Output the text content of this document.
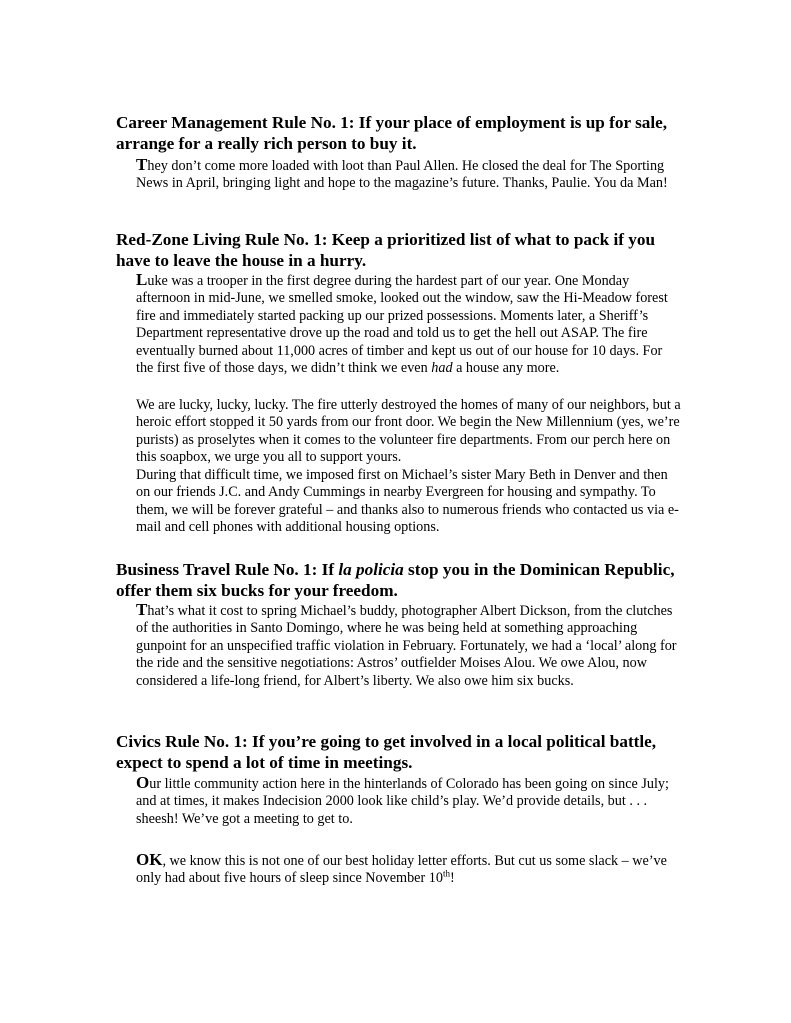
Career Management Rule No. 1: If your place of employment is up for sale, arrange for a really rich person to buy it.

They don’t come more loaded with loot than Paul Allen. He closed the deal for The Sporting News in April, bringing light and hope to the magazine’s future. Thanks, Paulie. You da Man!

Red-Zone Living Rule No. 1: Keep a prioritized list of what to pack if you have to leave the house in a hurry.

Luke was a trooper in the first degree during the hardest part of our year. One Monday afternoon in mid-June, we smelled smoke, looked out the window, saw the Hi-Meadow forest fire and immediately started packing up our prized possessions. Moments later, a Sheriff’s Department representative drove up the road and told us to get the hell out ASAP. The fire eventually burned about 11,000 acres of timber and kept us out of our house for 10 days. For the first five of those days, we didn’t think we even had a house any more.

We are lucky, lucky, lucky. The fire utterly destroyed the homes of many of our neighbors, but a heroic effort stopped it 50 yards from our front door. We begin the New Millennium (yes, we’re purists) as proselytes when it comes to the volunteer fire departments. From our perch here on this soapbox, we urge you all to support yours.

During that difficult time, we imposed first on Michael’s sister Mary Beth in Denver and then on our friends J.C. and Andy Cummings in nearby Evergreen for housing and sympathy. To them, we will be forever grateful – and thanks also to numerous friends who contacted us via e-mail and cell phones with additional housing options.

Business Travel Rule No. 1: If la policia stop you in the Dominican Republic, offer them six bucks for your freedom.

That’s what it cost to spring Michael’s buddy, photographer Albert Dickson, from the clutches of the authorities in Santo Domingo, where he was being held at something approaching gunpoint for an unspecified traffic violation in February. Fortunately, we had a ‘local’ along for the ride and the sensitive negotiations: Astros’ outfielder Moises Alou. We owe Alou, now considered a life-long friend, for Albert’s liberty. We also owe him six bucks.

Civics Rule No. 1: If you’re going to get involved in a local political battle, expect to spend a lot of time in meetings.

Our little community action here in the hinterlands of Colorado has been going on since July; and at times, it makes Indecision 2000 look like child’s play. We’d provide details, but . . . sheesh! We’ve got a meeting to get to.

OK, we know this is not one of our best holiday letter efforts. But cut us some slack – we’ve only had about five hours of sleep since November 10th!
